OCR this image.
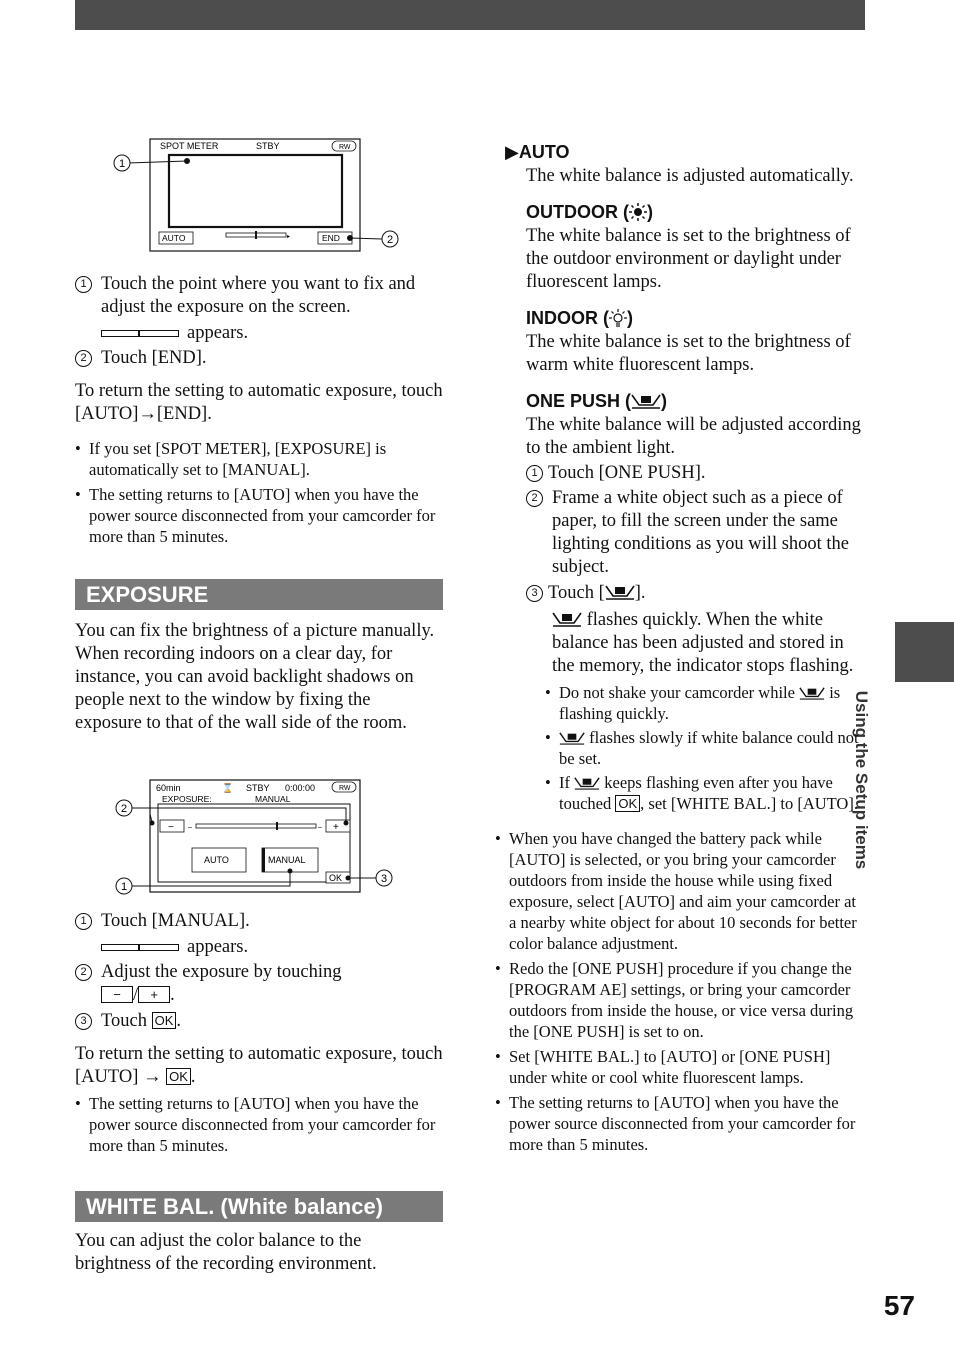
Using the Setup items
57
SPOT METER	STBY	RW
1
AUTO	▸	END	2
1 Touch the point where you want to fix and adjust the exposure on the screen.
appears.
2 Touch [END].

To return the setting to automatic exposure, touch [AUTO]→[END].

• If you set [SPOT METER], [EXPOSURE] is automatically set to [MANUAL].
• The setting returns to [AUTO] when you have the power source disconnected from your camcorder for more than 5 minutes.
EXPOSURE

You can fix the brightness of a picture manually. When recording indoors on a clear day, for instance, you can avoid backlight shadows on people next to the window by fixing the exposure to that of the wall side of the room.

60min	⌛ STBY 0:00:00	RW
EXPOSURE:	MANUAL
− –	– +
AUTO	MANUAL
OK
2
1
3
1 Touch [MANUAL].
appears.
2 Adjust the exposure by touching
− / + .
3 Touch OK .

To return the setting to automatic exposure, touch [AUTO] → OK .

• The setting returns to [AUTO] when you have the power source disconnected from your camcorder for more than 5 minutes.
WHITE BAL. (White balance)

You can adjust the color balance to the brightness of the recording environment.

▶AUTO

The white balance is adjusted automatically.

OUTDOOR ( )

The white balance is set to the brightness of the outdoor environment or daylight under fluorescent lamps.

INDOOR ( )

The white balance is set to the brightness of warm white fluorescent lamps.

ONE PUSH ( )

The white balance will be adjusted according to the ambient light.

1 Touch [ONE PUSH].
2 Frame a white object such as a piece of paper, to fill the screen under the same lighting conditions as you will shoot the subject.
3 Touch [ ].

flashes quickly. When the white balance has been adjusted and stored in the memory, the indicator stops flashing.

• Do not shake your camcorder while is flashing quickly.
• flashes slowly if white balance could not be set.
• If keeps flashing even after you have touched OK , set [WHITE BAL.] to [AUTO].
• When you have changed the battery pack while [AUTO] is selected, or you bring your camcorder outdoors from inside the house while using fixed exposure, select [AUTO] and aim your camcorder at a nearby white object for about 10 seconds for better color balance adjustment.
• Redo the [ONE PUSH] procedure if you change the [PROGRAM AE] settings, or bring your camcorder outdoors from inside the house, or vice versa during the [ONE PUSH] is set to on.
• Set [WHITE BAL.] to [AUTO] or [ONE PUSH] under white or cool white fluorescent lamps.
• The setting returns to [AUTO] when you have the power source disconnected from your camcorder for more than 5 minutes.
